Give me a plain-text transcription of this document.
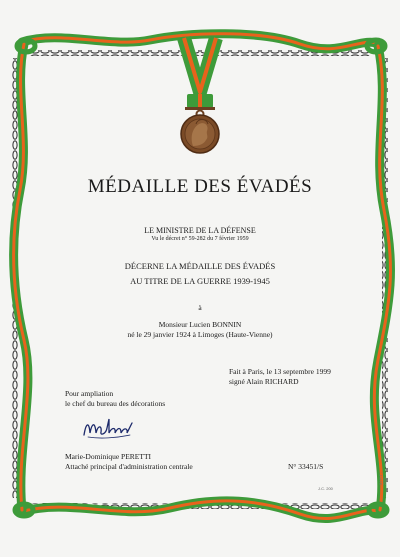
MÉDAILLE DES ÉVADÉS
LE MINISTRE DE LA DÉFENSE
Vu le décret n° 59-282 du 7 février 1959
DÉCERNE LA MÉDAILLE DES ÉVADÉS
AU TITRE DE LA GUERRE 1939-1945
à
Monsieur Lucien BONNIN
né le 29 janvier 1924 à Limoges (Haute-Vienne)
Fait à Paris, le 13 septembre 1999
signé Alain RICHARD
Pour ampliation
le chef du bureau des décorations
Marie-Dominique PERETTI
Attaché principal d'administration centrale	N° 33451/S
S.I.R.T - 2000
J.C. 200
